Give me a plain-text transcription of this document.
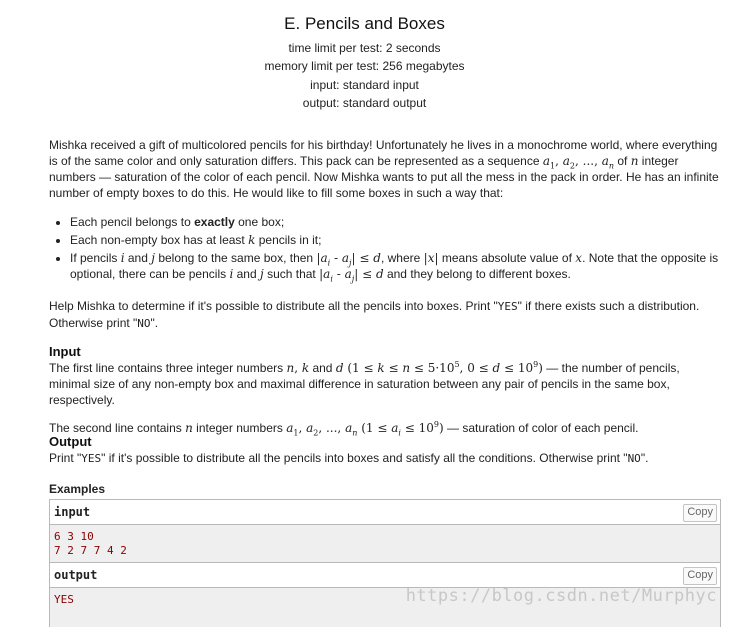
E. Pencils and Boxes
time limit per test: 2 seconds
memory limit per test: 256 megabytes
input: standard input
output: standard output
Mishka received a gift of multicolored pencils for his birthday! Unfortunately he lives in a monochrome world, where everything is of the same color and only saturation differs. This pack can be represented as a sequence $a_1$, $a_2$, ..., $a_n$ of n integer numbers — saturation of the color of each pencil. Now Mishka wants to put all the mess in the pack in order. He has an infinite number of empty boxes to do this. He would like to fill some boxes in such a way that:
• Each pencil belongs to exactly one box;
• Each non-empty box has at least k pencils in it;
• If pencils i and j belong to the same box, then $|a_i - a_j| \le d$, where |x| means absolute value of x. Note that the opposite is optional, there can be pencils i and j such that $|a_i - a_j| \le d$ and they belong to different boxes.
Help Mishka to determine if it's possible to distribute all the pencils into boxes. Print "YES" if there exists such a distribution. Otherwise print "NO".
Input
The first line contains three integer numbers n, k and d ($1 \le k \le n \le 5\cdot 10^5$, $0 \le d \le 10^9$) — the number of pencils, minimal size of any non-empty box and maximal difference in saturation between any pair of pencils in the same box, respectively.
The second line contains n integer numbers $a_1$, $a_2$, ..., $a_n$ $(1 \le a_i \le 10^9)$ — saturation of color of each pencil.
Output
Print "YES" if it's possible to distribute all the pencils into boxes and satisfy all the conditions. Otherwise print "NO".
Examples
input	Copy
6 3 10
7 2 7 7 4 2
output	Copy
YES	https://blog.csdn.net/Murphyc
